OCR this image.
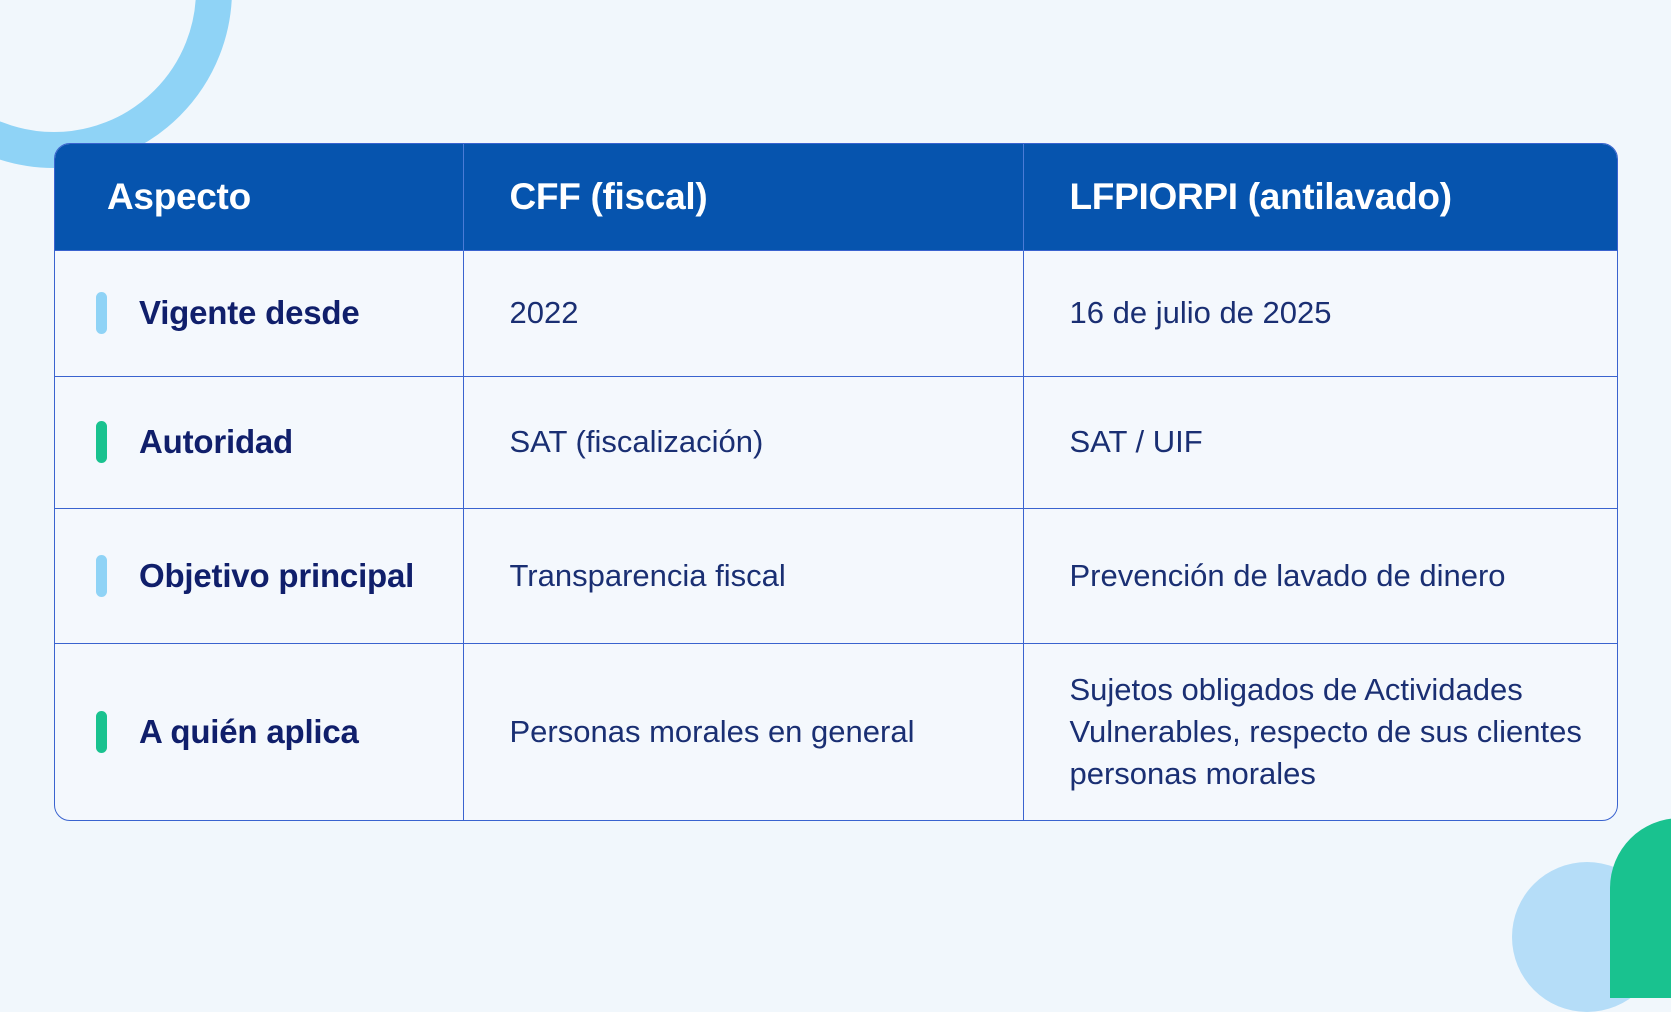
Aspecto	CFF (fiscal)	LFPIORPI (antilavado)

Vigente desde	2022	16 de julio de 2025

Autoridad	SAT (fiscalización)	SAT / UIF

Objetivo principal	Transparencia fiscal	Prevención de lavado de dinero

A quién aplica	Personas morales en general	Sujetos obligados de Actividades Vulnerables, respecto de sus clientes personas morales
